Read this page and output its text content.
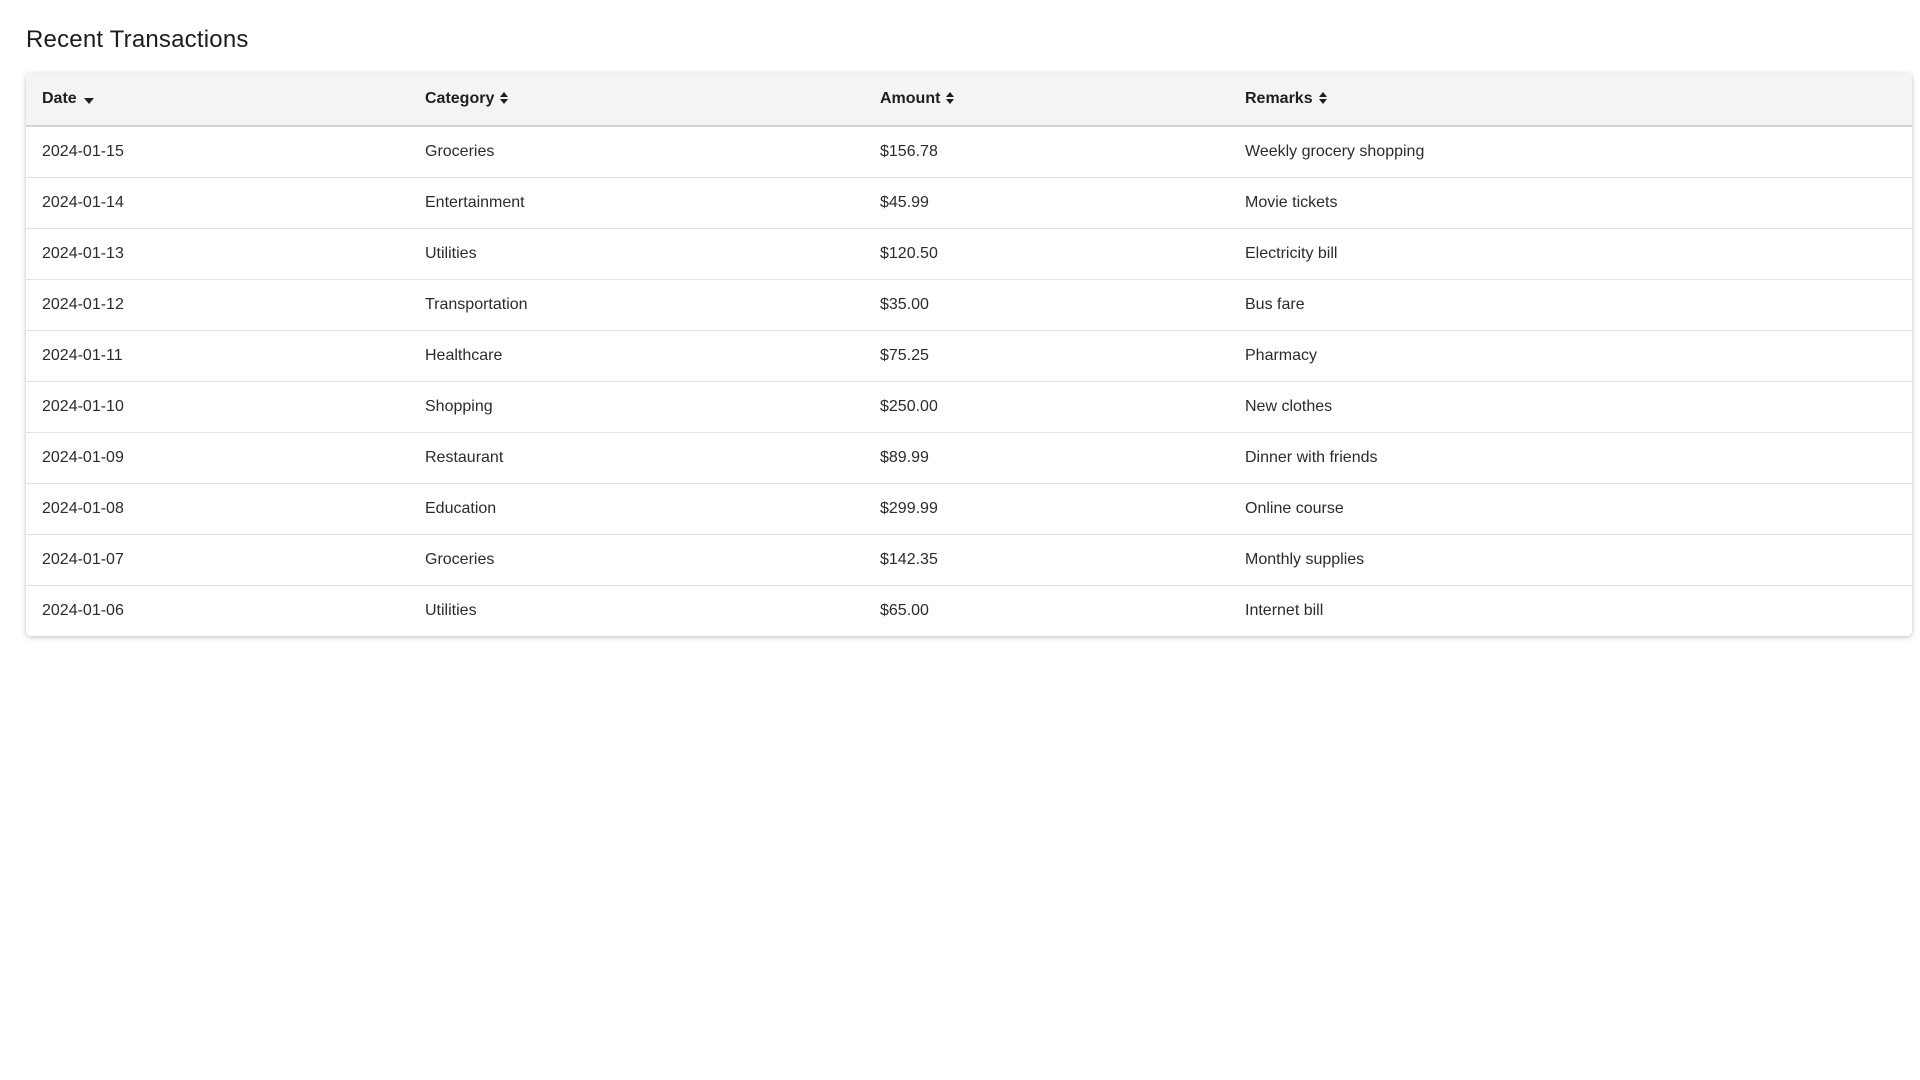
Recent Transactions
Date	Category	Amount	Remarks

2024-01-15	Groceries	$156.78	Weekly grocery shopping
2024-01-14	Entertainment	$45.99	Movie tickets
2024-01-13	Utilities	$120.50	Electricity bill
2024-01-12	Transportation	$35.00	Bus fare
2024-01-11	Healthcare	$75.25	Pharmacy
2024-01-10	Shopping	$250.00	New clothes
2024-01-09	Restaurant	$89.99	Dinner with friends
2024-01-08	Education	$299.99	Online course
2024-01-07	Groceries	$142.35	Monthly supplies
2024-01-06	Utilities	$65.00	Internet bill
